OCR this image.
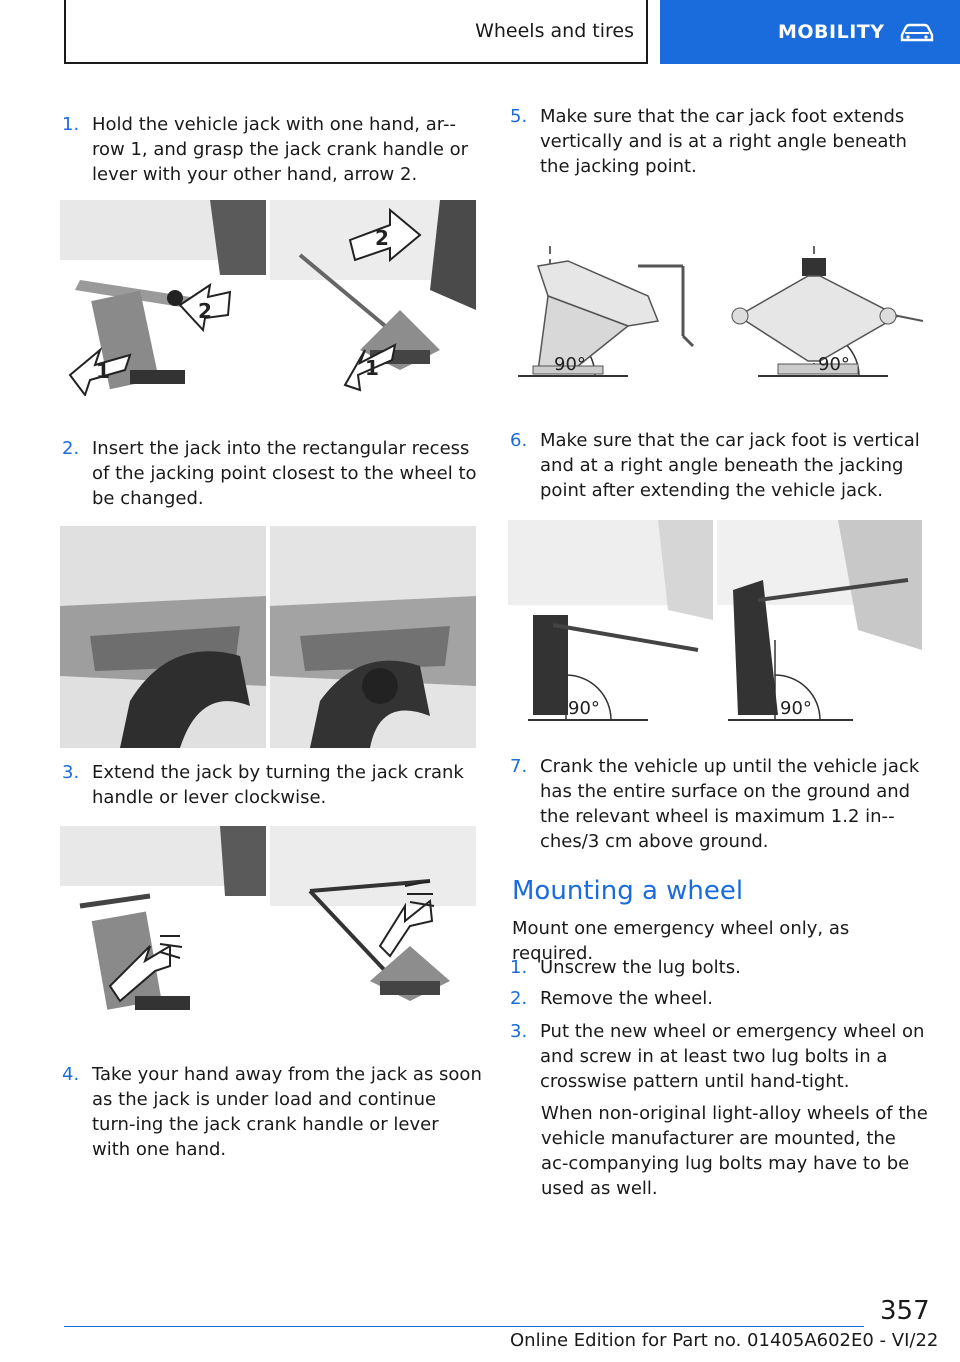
Wheels and tires	MOBILITY
1. Hold the vehicle jack with one hand, ar-row 1, and grasp the jack crank handle or lever with your other hand, arrow 2.
1
2
2
1
2. Insert the jack into the rectangular recess of the jacking point closest to the wheel to be changed.
3. Extend the jack by turning the jack crank handle or lever clockwise.
4. Take your hand away from the jack as soon as the jack is under load and continue turn-ing the jack crank handle or lever with one hand.
5. Make sure that the car jack foot extends vertically and is at a right angle beneath the jacking point.
90°	90°
6. Make sure that the car jack foot is vertical and at a right angle beneath the jacking point after extending the vehicle jack.
90°	90°
7. Crank the vehicle up until the vehicle jack has the entire surface on the ground and the relevant wheel is maximum 1.2 in-ches/3 cm above ground.
Mounting a wheel
Mount one emergency wheel only, as required.
1. Unscrew the lug bolts.
2. Remove the wheel.
3. Put the new wheel or emergency wheel on and screw in at least two lug bolts in a crosswise pattern until hand-tight.
When non-original light-alloy wheels of the vehicle manufacturer are mounted, the ac-companying lug bolts may have to be used as well.
357
Online Edition for Part no. 01405A602E0 - VI/22
